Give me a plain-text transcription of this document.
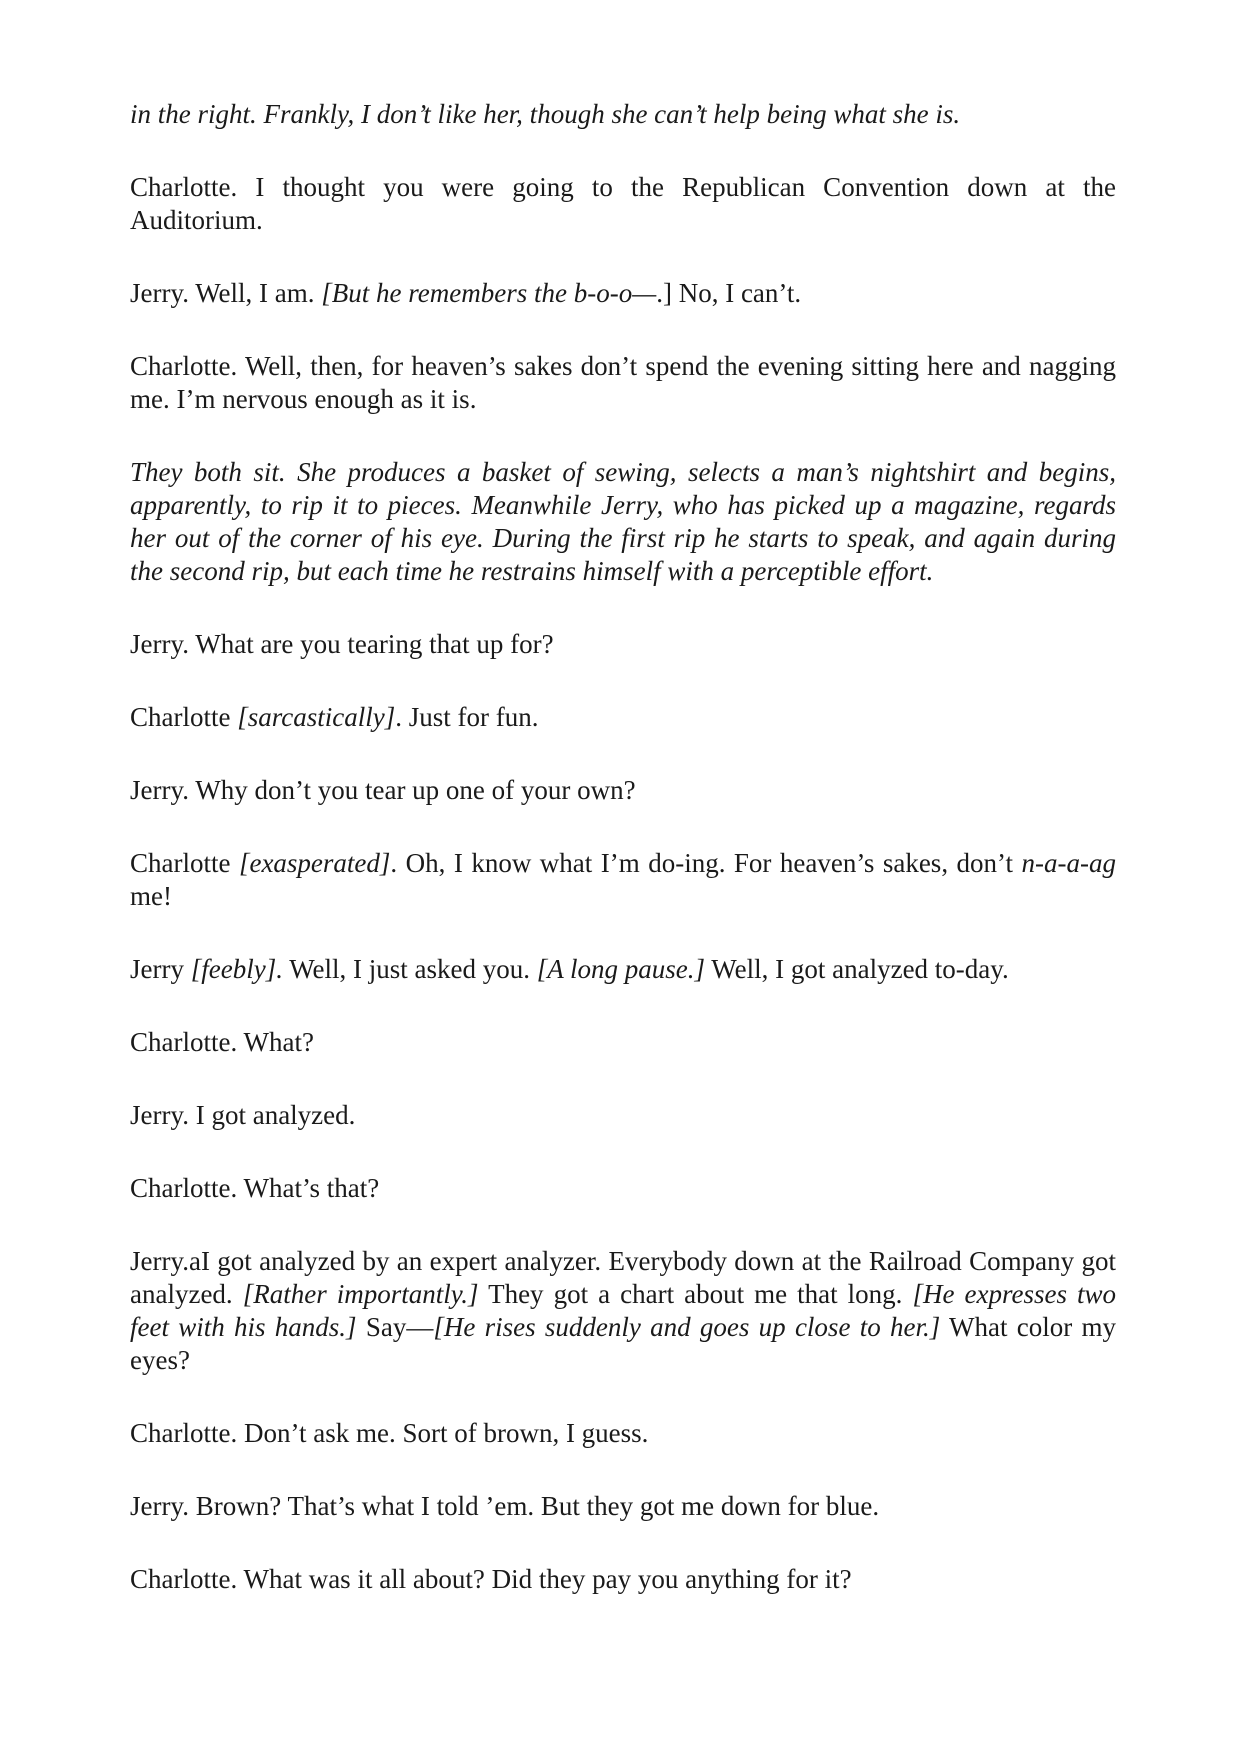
in the right. Frankly, I don’t like her, though she can’t help being what she is.

Charlotte. I thought you were going to the Republican Convention down at the Auditorium.

Jerry. Well, I am. [But he remembers the b-o-o—.] No, I can’t.

Charlotte. Well, then, for heaven’s sakes don’t spend the evening sitting here and nagging me. I’m nervous enough as it is.

They both sit. She produces a basket of sewing, selects a man’s nightshirt and begins, apparently, to rip it to pieces. Meanwhile Jerry, who has picked up a magazine, regards her out of the corner of his eye. During the first rip he starts to speak, and again during the second rip, but each time he restrains himself with a perceptible effort.

Jerry. What are you tearing that up for?

Charlotte [sarcastically]. Just for fun.

Jerry. Why don’t you tear up one of your own?

Charlotte [exasperated]. Oh, I know what I’m do-ing. For heaven’s sakes, don’t n-a-a-ag me!

Jerry [feebly]. Well, I just asked you. [A long pause.] Well, I got analyzed to-day.

Charlotte. What?

Jerry. I got analyzed.

Charlotte. What’s that?

Jerry.aI got analyzed by an expert analyzer. Everybody down at the Railroad Company got analyzed. [Rather importantly.] They got a chart about me that long. [He expresses two feet with his hands.] Say—[He rises suddenly and goes up close to her.] What color my eyes?

Charlotte. Don’t ask me. Sort of brown, I guess.

Jerry. Brown? That’s what I told ’em. But they got me down for blue.

Charlotte. What was it all about? Did they pay you anything for it?
